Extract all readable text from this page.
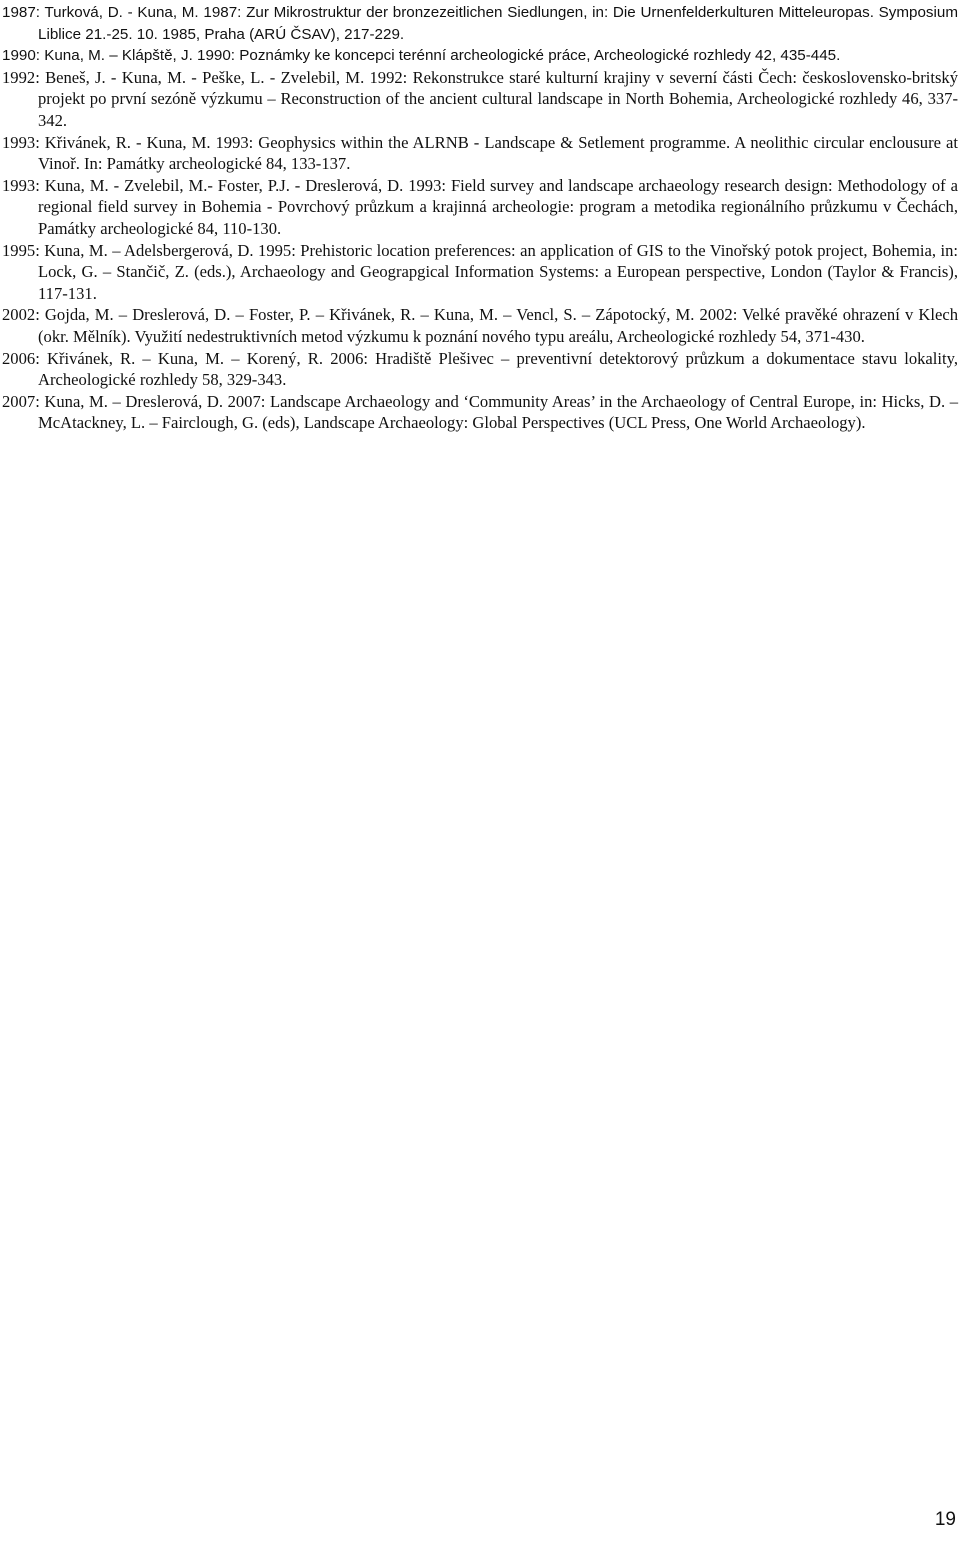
1987: Turková, D. - Kuna, M. 1987: Zur Mikrostruktur der bronzezeitlichen Siedlungen, in: Die Urnenfelderkulturen Mitteleuropas. Symposium Liblice 21.-25. 10. 1985, Praha (ARÚ ČSAV), 217-229.
1990: Kuna, M. – Klápště, J. 1990: Poznámky ke koncepci terénní archeologické práce, Archeologické rozhledy 42, 435-445.
1992: Beneš, J. - Kuna, M. - Peške, L. - Zvelebil, M. 1992: Rekonstrukce staré kulturní krajiny v severní části Čech: československo-britský projekt po první sezóně výzkumu – Reconstruction of the ancient cultural landscape in North Bohemia, Archeologické rozhledy 46, 337-342.
1993: Křivánek, R. - Kuna, M. 1993: Geophysics within the ALRNB - Landscape & Setlement programme. A neolithic circular enclousure at Vinoř. In: Památky archeologické 84, 133-137.
1993: Kuna, M. - Zvelebil, M.- Foster, P.J. - Dreslerová, D. 1993: Field survey and landscape archaeology research design: Methodology of a regional field survey in Bohemia - Povrchový průzkum a krajinná archeologie: program a metodika regionálního průzkumu v Čechách, Památky archeologické 84, 110-130.
1995: Kuna, M. – Adelsbergerová, D. 1995: Prehistoric location preferences: an application of GIS to the Vinořský potok project, Bohemia, in: Lock, G. – Stančič, Z. (eds.), Archaeology and Geograpgical Information Systems: a European perspective, London (Taylor & Francis), 117-131.
2002: Gojda, M. – Dreslerová, D. – Foster, P. – Křivánek, R. – Kuna, M. – Vencl, S. – Zápotocký, M. 2002: Velké pravěké ohrazení v Klech (okr. Mělník). Využití nedestruktivních metod výzkumu k poznání nového typu areálu, Archeologické rozhledy 54, 371-430.
2006: Křivánek, R. – Kuna, M. – Korený, R. 2006: Hradiště Plešivec – preventivní detektorový průzkum a dokumentace stavu lokality, Archeologické rozhledy 58, 329-343.
2007: Kuna, M. – Dreslerová, D. 2007: Landscape Archaeology and ‘Community Areas’ in the Archaeology of Central Europe, in: Hicks, D. – McAtackney, L. – Fairclough, G. (eds), Landscape Archaeology: Global Perspectives (UCL Press, One World Archaeology).
19
